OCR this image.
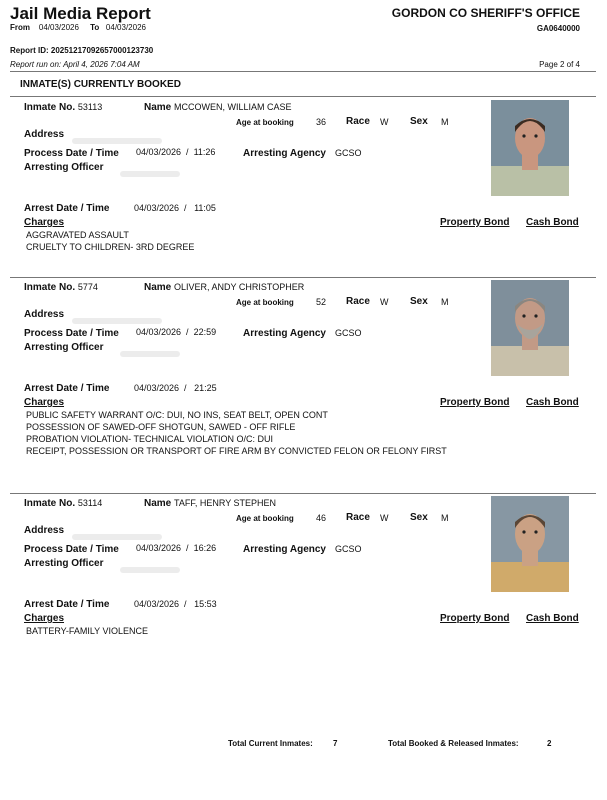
Jail Media Report
From 04/03/2026 To 04/03/2026
GORDON CO SHERIFF'S OFFICE
GA0640000
Report ID: 20251217092657000123730
Report run on: April 4, 2026 7:04 AM	Page 2 of 4
INMATE(S) CURRENTLY BOOKED
Inmate No. 53113	Name MCCOWEN, WILLIAM CASE
Age at booking 36 Race W Sex M
Address
Process Date / Time 04/03/2026  /  11:26	Arresting Agency GCSO
Arresting Officer
Arrest Date / Time	04/03/2026  /   11:05
Charges	Property Bond Cash Bond
AGGRAVATED ASSAULT
CRUELTY TO CHILDREN- 3RD DEGREE
Inmate No. 5774	Name OLIVER, ANDY CHRISTOPHER
Age at booking 52 Race W Sex M
Address
Process Date / Time 04/03/2026  /  22:59	Arresting Agency GCSO
Arresting Officer
Arrest Date / Time	04/03/2026  /   21:25
Charges	Property Bond Cash Bond
PUBLIC SAFETY WARRANT O/C: DUI, NO INS, SEAT BELT, OPEN CONT
POSSESSION OF SAWED-OFF SHOTGUN, SAWED - OFF RIFLE
PROBATION VIOLATION- TECHNICAL VIOLATION O/C: DUI
RECEIPT, POSSESSION OR TRANSPORT OF FIRE ARM BY CONVICTED FELON OR FELONY FIRST
Inmate No. 53114	Name TAFF, HENRY STEPHEN
Age at booking 46 Race W Sex M
Address
Process Date / Time 04/03/2026  /  16:26	Arresting Agency GCSO
Arresting Officer
Arrest Date / Time	04/03/2026  /   15:53
Charges	Property Bond Cash Bond
BATTERY-FAMILY VIOLENCE
Total Current Inmates:	7	Total Booked & Released Inmates:	2
